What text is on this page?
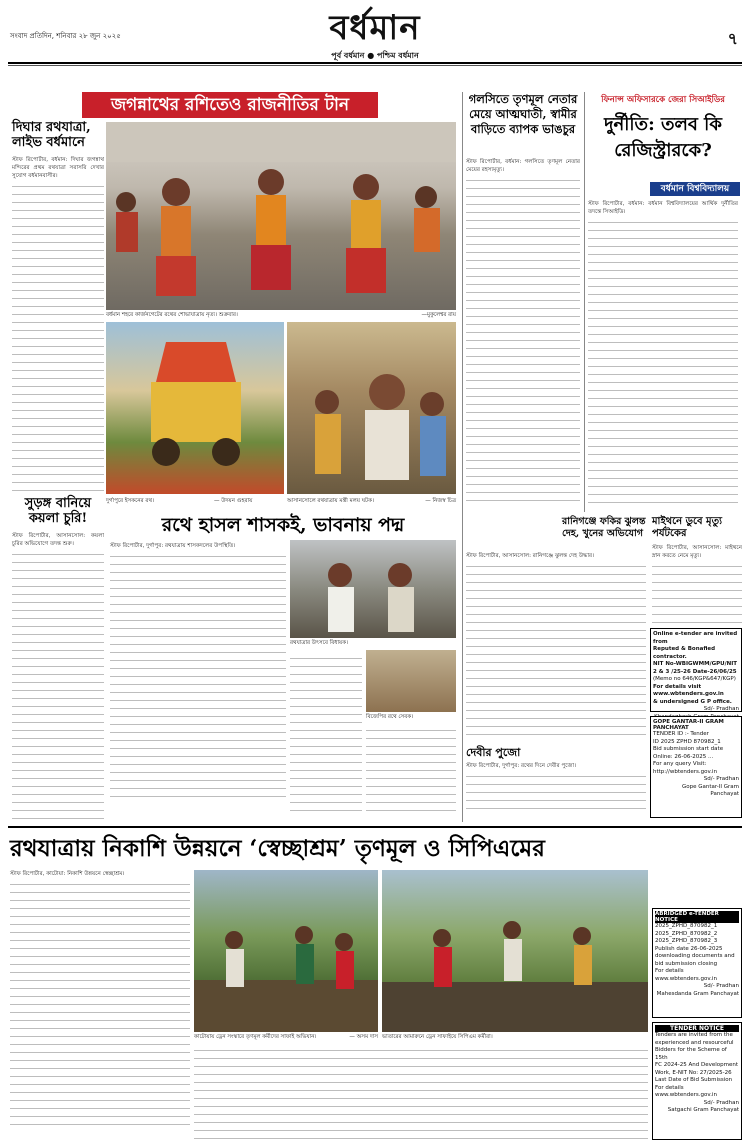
সংবাদ প্রতিদিন, শনিবার ২৮ জুন ২০২৫	বর্ধমান
পূর্ব বর্ধমান ● পশ্চিম বর্ধমান
৭
জগন্নাথের রশিতেও রাজনীতির টান
দিঘার রথযাত্রা, লাইভ বর্ধমানে
স্টাফ রিপোর্টার, বর্ধমান: দিঘার জগন্নাথ মন্দিরের প্রথম রথযাত্রা সরাসরি দেখার সুযোগ বর্ধমানবাসীর।
বর্ধমান শহরে কার্জনগেটের রথের শোভাযাত্রায় নৃত্য। শুক্রবার।	—মুকুলেশ্বর রায়
দুর্গাপুরে ইসকনের রথ।	— উদয়ন গুহরায়	আসানসোলে রথযাত্রায় মন্ত্রী মলয় ঘটক।	— নিজস্ব চিত্র
সুড়ঙ্গ বানিয়ে কয়লা চুরি!
স্টাফ রিপোর্টার, আসানসোল: কয়লা চুরির অভিযোগে তদন্ত শুরু।
গলসিতে তৃণমূল নেতার মেয়ে আত্মঘাতী, স্বামীর বাড়িতে ব্যাপক ভাঙচুর
স্টাফ রিপোর্টার, বর্ধমান: গলসিতে তৃণমূল নেতার মেয়ের রহস্যমৃত্যু।
ফিনান্স অফিসারকে জেরা সিআইডির
দুর্নীতি: তলব কি রেজিস্ট্রারকে?
বর্ধমান বিশ্ববিদ্যালয়
স্টাফ রিপোর্টার, বর্ধমান: বর্ধমান বিশ্ববিদ্যালয়ের আর্থিক দুর্নীতির তদন্তে সিআইডি।
রথে হাসল শাসকই, ভাবনায় পদ্ম
স্টাফ রিপোর্টার, দুর্গাপুর: রথযাত্রায় শাসকদলের উপস্থিতি।
রথযাত্রার উৎসবে বিধায়ক।
বিজেপির রথে সেবক।
রানিগঞ্জে ফকির ঝুলন্ত দেহ, খুনের অভিযোগ
স্টাফ রিপোর্টার, আসানসোল: রানিগঞ্জে ঝুলন্ত দেহ উদ্ধার।
মাইথনে ডুবে মৃত্যু পর্যটকের
স্টাফ রিপোর্টার, আসানসোল: মাইথনে স্নান করতে নেমে মৃত্যু।
দেবীর পুজো
স্টাফ রিপোর্টার, দুর্গাপুর: রথের দিনে দেবীর পুজো।
Online e-tender are invited from
Reputed & Bonafied contractor.
NIT No-WBIGWMM/GPU/NIT
2 & 3 /25-26 Date-26/06/25
(Memo no 646/KGP&647/KGP)
For details visit
www.wbtenders.gov.in
& undersigned G P office.
Sd/- Pradhan
GOPE GANTAR-II GRAM PANCHAYAT
TENDER ID :- Tender
ID 2025 ZPHD 870982_1
Bid submission start date
Online: 26-06-2025 ...
For any query Visit:
http://wbtenders.gov.in
Sd/- Pradhan
Gope Gantar-II Gram Panchayat
রথযাত্রায় নিকাশি উন্নয়নে ‘স্বেচ্ছাশ্রম’ তৃণমূল ও সিপিএমের
স্টাফ রিপোর্টার, কাটোয়া: নিকাশি উন্নয়নে স্বেচ্ছাশ্রম।
কাটোয়ায় ড্রেন সংস্কারে তৃণমূল কর্মীদের সাফাই অভিযান।	— অসম দাস ভাতারের আমারুনে ড্রেন সাফাইয়ে সিপিএম কর্মীরা।
ABRIDGED e-TENDER NOTICE
2025_ZPHD_870982_1
2025_ZPHD_870982_2
2025_ZPHD_870982_3
Publish date 26-06-2025
downloading documents and
bid submission closing
For details www.wbtenders.gov.in
Sd/- Pradhan
Mahesdanda Gram Panchayat
TENDER NOTICE
Tenders are invited from the
experienced and resourceful
Bidders for the Scheme of 15th
FC 2024-25 And Development
Work, E-NIT No: 27/2025-26
Last Date of Bid Submission
For details www.wbtenders.gov.in
Sd/- Pradhan
Satgachi Gram Panchayat
